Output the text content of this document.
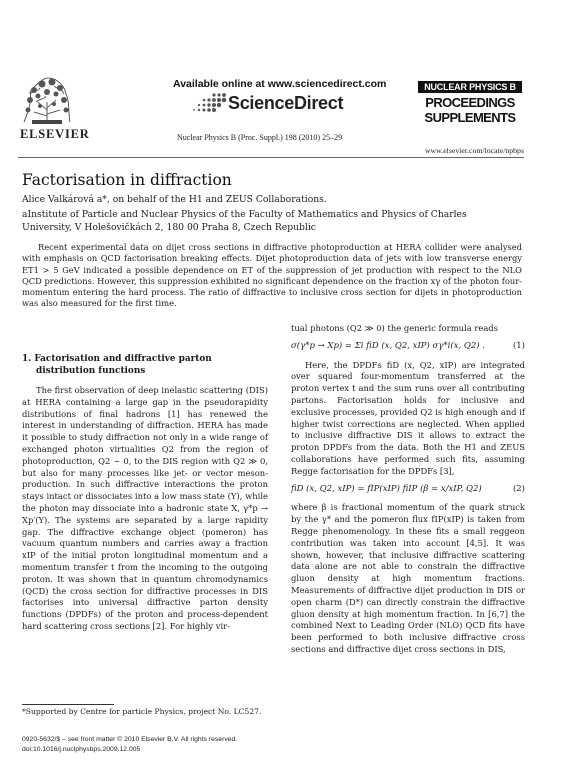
ELSEVIER
Available online at www.sciencedirect.com
ScienceDirect
Nuclear Physics B (Proc. Suppl.) 198 (2010) 25–29
NUCLEAR PHYSICS B
PROCEEDINGS
SUPPLEMENTS
www.elsevier.com/locate/npbps
Factorisation in diffraction
Alice Valkárová a*, on behalf of the H1 and ZEUS Collaborations.
aInstitute of Particle and Nuclear Physics of the Faculty of Mathematics and Physics of Charles University, V Holešovičkách 2, 180 00 Praha 8, Czech Republic
Recent experimental data on dijet cross sections in diffractive photoproduction at HERA collider were analysed with emphasis on QCD factorisation breaking effects. Dijet photoproduction data of jets with low transverse energy ET1 > 5 GeV indicated a possible dependence on ET of the suppression of jet production with respect to the NLO QCD predictions. However, this suppression exhibited no significant dependence on the fraction xγ of the photon four-momentum entering the hard process. The ratio of diffractive to inclusive cross section for dijets in photoproduction was also measured for the first time.
1. Factorisation and diffractive parton distribution functions

The first observation of deep inelastic scattering (DIS) at HERA containing a large gap in the pseudorapidity distributions of final hadrons [1] has renewed the interest in understanding of diffraction. HERA has made it possible to study diffraction not only in a wide range of exchanged photon virtualities Q2 from the region of photoproduction, Q2 ∼ 0, to the DIS region with Q2 ≫ 0, but also for many processes like jet- or vector meson-production. In such diffractive interactions the proton stays intact or dissociates into a low mass state (Y), while the photon may dissociate into a hadronic state X, γ*p → Xp′(Y). The systems are separated by a large rapidity gap. The diffractive exchange object (pomeron) has vacuum quantum numbers and carries away a fraction xIP of the initial proton longitudinal momentum and a momentum transfer t from the incoming to the outgoing proton. It was shown that in quantum chromodynamics (QCD) the cross section for diffractive processes in DIS factorises into universal diffractive parton density functions (DPDFs) of the proton and process-dependent hard scattering cross sections [2]. For highly vir-

tual photons (Q2 ≫ 0) the generic formula reads

σ(γ*p → Xp) = Σi fiD (x, Q2, xIP) σγ*i(x, Q2) .	(1)

Here, the DPDFs fiD (x, Q2, xIP) are integrated over squared four-momentum transferred at the proton vertex t and the sum runs over all contributing partons. Factorisation holds for inclusive and exclusive processes, provided Q2 is high enough and if higher twist corrections are neglected. When applied to inclusive diffractive DIS it allows to extract the proton DPDFs from the data. Both the H1 and ZEUS collaborations have performed such fits, assuming Regge factorisation for the DPDFs [3],

fiD (x, Q2, xIP) = fIP(xIP) fiIP (β = x/xIP, Q2)	(2)

where β is fractional momentum of the quark struck by the γ* and the pomeron flux fIP(xIP) is taken from Regge phenomenology. In these fits a small reggeon contribution was taken into account [4,5]. It was shown, however, that inclusive diffractive scattering data alone are not able to constrain the diffractive gluon density at high momentum fractions. Measurements of diffractive dijet production in DIS or open charm (D*) can directly constrain the diffractive gluon density at high momentum fraction. In [6,7] the combined Next to Leading Order (NLO) QCD fits have been performed to both inclusive diffractive cross sections and diffractive dijet cross sections in DIS,

*Supported by Centre for particle Physics, project No. LC527.
0920-5632/$ – see front matter © 2010 Elsevier B.V. All rights reserved.
doi:10.1016/j.nuclphysbps.2009.12.005
